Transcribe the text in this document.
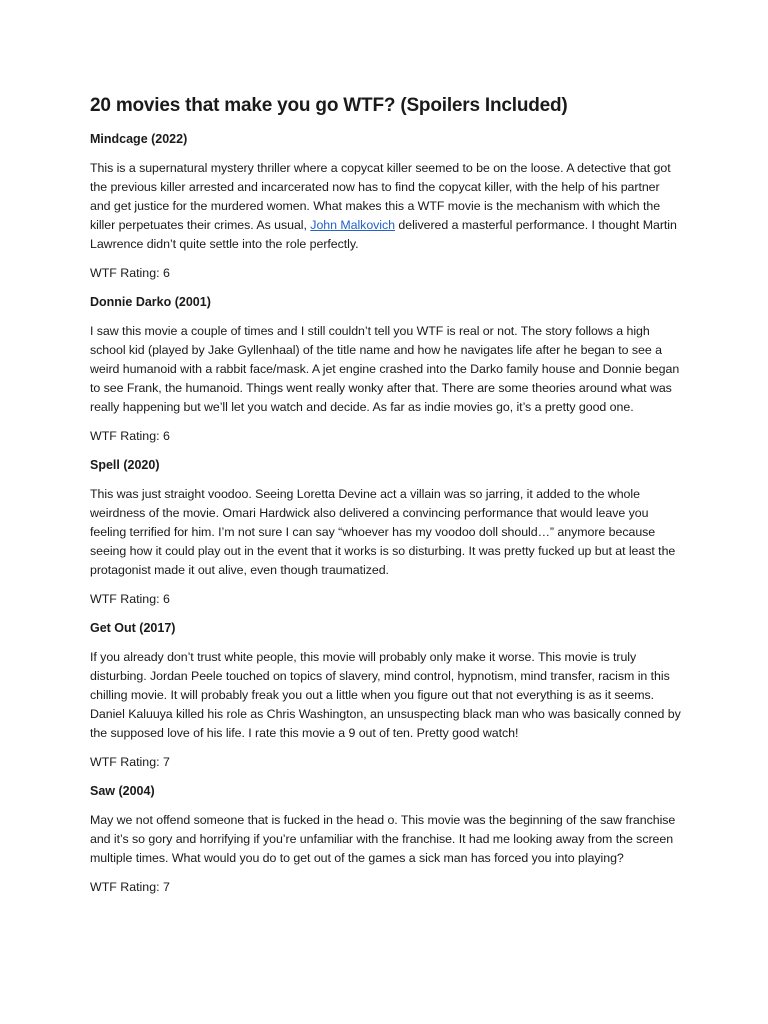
20 movies that make you go WTF? (Spoilers Included)
Mindcage (2022)

This is a supernatural mystery thriller where a copycat killer seemed to be on the loose. A detective that got the previous killer arrested and incarcerated now has to find the copycat killer, with the help of his partner and get justice for the murdered women. What makes this a WTF movie is the mechanism with which the killer perpetuates their crimes. As usual, John Malkovich delivered a masterful performance. I thought Martin Lawrence didn’t quite settle into the role perfectly.

WTF Rating: 6
Donnie Darko (2001)

I saw this movie a couple of times and I still couldn’t tell you WTF is real or not. The story follows a high school kid (played by Jake Gyllenhaal) of the title name and how he navigates life after he began to see a weird humanoid with a rabbit face/mask. A jet engine crashed into the Darko family house and Donnie began to see Frank, the humanoid. Things went really wonky after that. There are some theories around what was really happening but we’ll let you watch and decide. As far as indie movies go, it’s a pretty good one.

WTF Rating: 6
Spell (2020)

This was just straight voodoo. Seeing Loretta Devine act a villain was so jarring, it added to the whole weirdness of the movie. Omari Hardwick also delivered a convincing performance that would leave you feeling terrified for him. I’m not sure I can say “whoever has my voodoo doll should…” anymore because seeing how it could play out in the event that it works is so disturbing. It was pretty fucked up but at least the protagonist made it out alive, even though traumatized.

WTF Rating: 6
Get Out (2017)

If you already don’t trust white people, this movie will probably only make it worse. This movie is truly disturbing. Jordan Peele touched on topics of slavery, mind control, hypnotism, mind transfer, racism in this chilling movie. It will probably freak you out a little when you figure out that not everything is as it seems. Daniel Kaluuya killed his role as Chris Washington, an unsuspecting black man who was basically conned by the supposed love of his life. I rate this movie a 9 out of ten. Pretty good watch!

WTF Rating: 7
Saw (2004)

May we not offend someone that is fucked in the head o. This movie was the beginning of the saw franchise and it’s so gory and horrifying if you’re unfamiliar with the franchise. It had me looking away from the screen multiple times. What would you do to get out of the games a sick man has forced you into playing?

WTF Rating: 7
